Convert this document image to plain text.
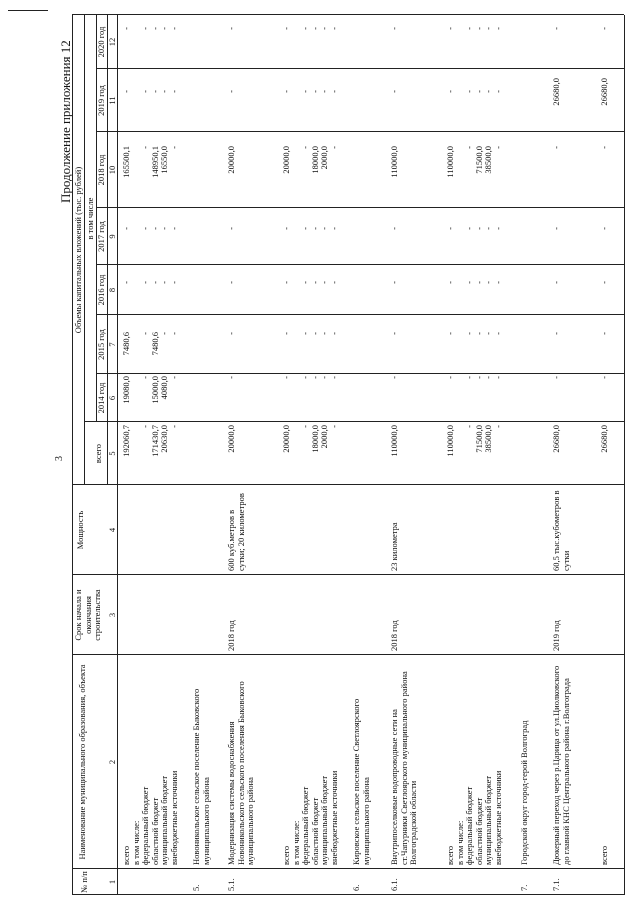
3
Продолжение приложения 12
№ п/п
Наименование муниципального образования, объекта
Срок начала и окончания строительства
Мощность
Объемы капитальных вложений (тыс. рублей)
всего
в том числе
2014 год
2015 год
2016 год
2017 год
2018 год
2019 год
2020 год
1
2
3
4
5
6
7
8
9
10
11
12
всего в том числе: федеральный бюджет областной бюджет муниципальный бюджет внебюджетные источники
192060,7
- 171430,7 20630,0 -
19080,0
- 15000,0 4080,0 -
7480,6
- 7480,6 - -
-
- - - -
-
- - - -
165500,1
- 148950,1 16550,0 -
-
- - - -
-
- - - -
5.
Новоникольское сельское поселение Быковского муниципального района
5.1.
Модернизация системы водоснабжения Новоникольского сельского поселения Быковского муниципального района
2018 год
600 куб.метров в сутки; 20 километров
20000,0
-
-
-
-
20000,0
-
-
всего в том числе: федеральный бюджет областной бюджет муниципальный бюджет внебюджетные источники
20000,0
- 18000,0 2000,0 -
-
- - - -
-
- - - -
-
- - - -
-
- - - -
20000,0
- 18000,0 2000,0 -
-
- - - -
-
- - - -
6.
Кировское сельское поселение Светлоярского муниципального района
6.1.
Внутрипоселковые водопроводные сети на ст.Чапурники Светлоярского муниципального района Волгоградской области
2018 год
23 километра
110000,0
-
-
-
-
110000,0
-
-
всего в том числе: федеральный бюджет областной бюджет муниципальный бюджет внебюджетные источники
110000,0
- 71500,0 38500,0 -
-
- - - -
-
- - - -
-
- - - -
-
- - - -
110000,0
- 71500,0 38500,0 -
-
- - - -
-
- - - -
7.
Городской округ город-герой Волгоград
7.1.
Дюкерный переход через р.Царица от ул.Циолковского до главной КНС Центрального района г.Волгограда
2019 год
60,5 тыс.кубометров в сутки
26680,0
-
-
-
-
-
26680,0
-
всего
26680,0
-
-
-
-
-
26680,0
-
